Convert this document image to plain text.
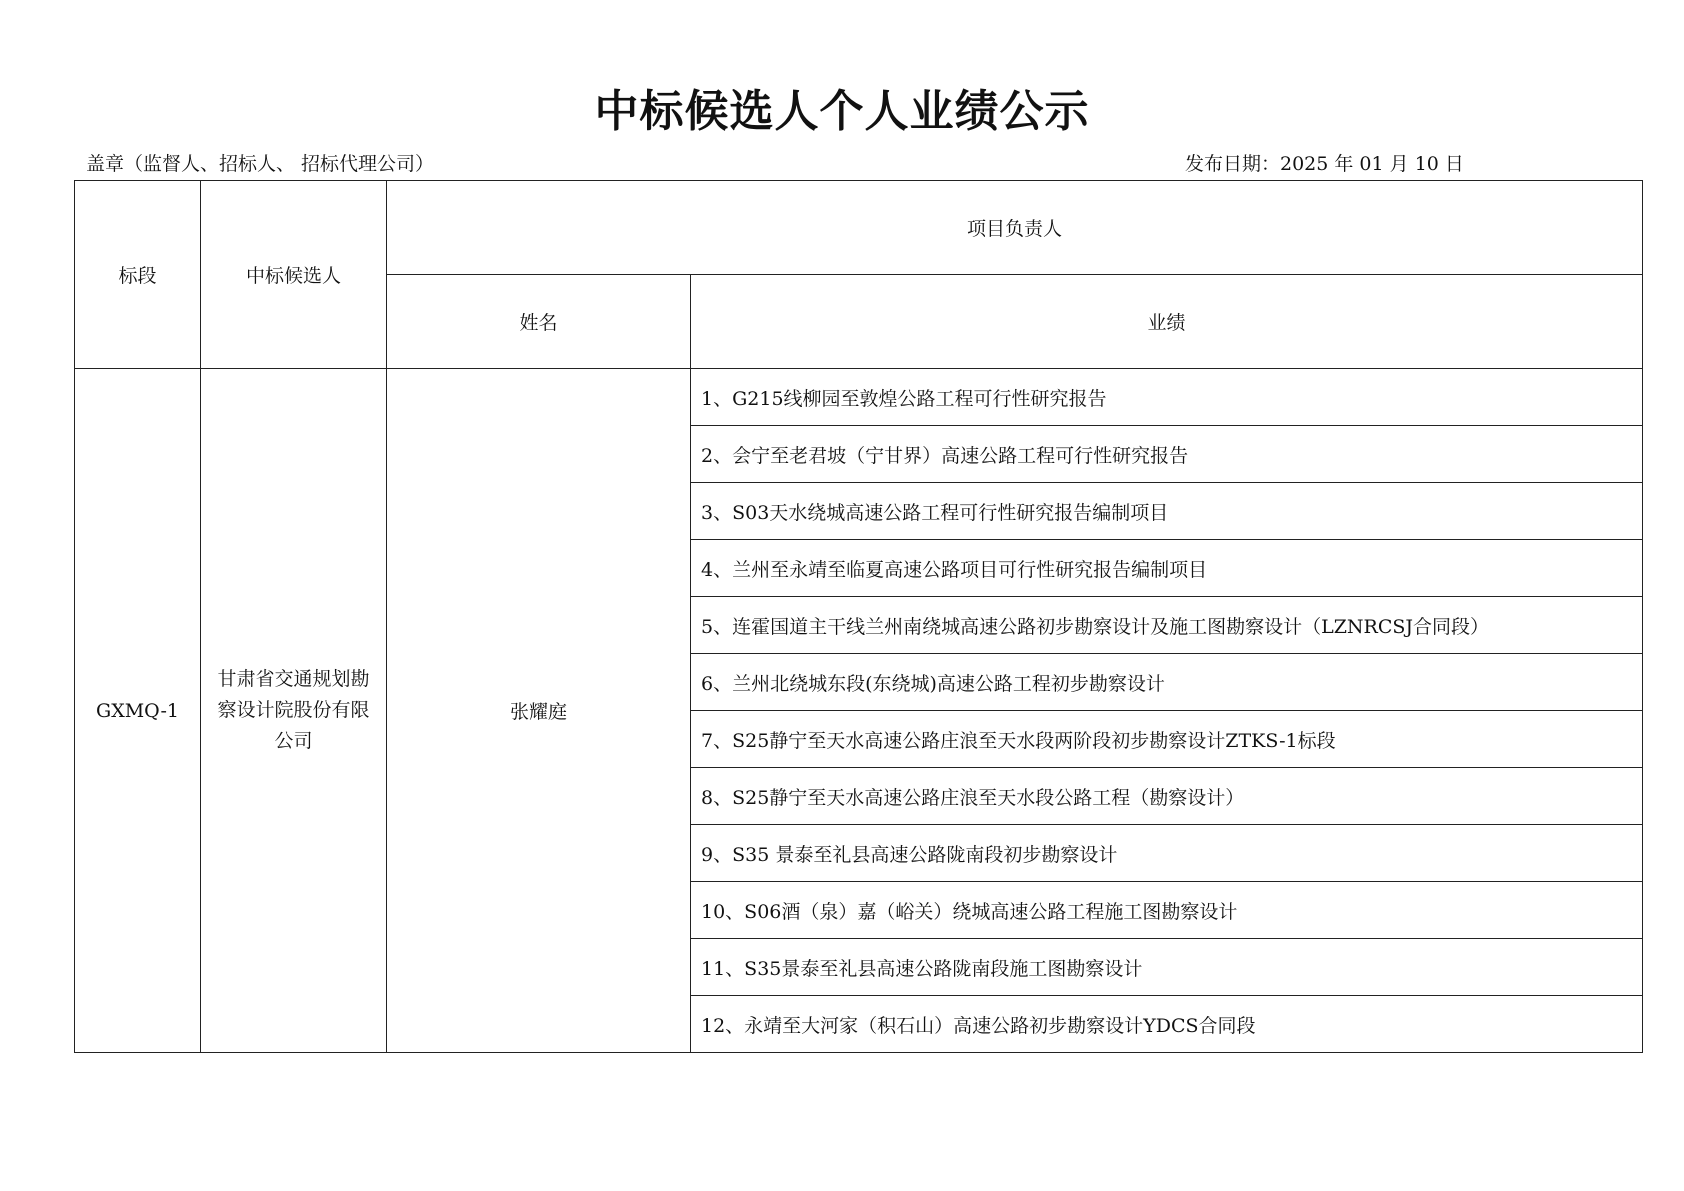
中标候选人个人业绩公示
盖章（监督人、招标人、 招标代理公司）	发布日期：2025 年 01 月 10 日
标段	中标候选人	项目负责人	
		姓名	业绩
GXMQ-1	甘肃省交通规划勘察设计院股份有限公司	张耀庭	1、G215线柳园至敦煌公路工程可行性研究报告
			2、会宁至老君坡（宁甘界）高速公路工程可行性研究报告
			3、S03天水绕城高速公路工程可行性研究报告编制项目
			4、兰州至永靖至临夏高速公路项目可行性研究报告编制项目
			5、连霍国道主干线兰州南绕城高速公路初步勘察设计及施工图勘察设计（LZNRCSJ合同段）
			6、兰州北绕城东段(东绕城)高速公路工程初步勘察设计
			7、S25静宁至天水高速公路庄浪至天水段两阶段初步勘察设计ZTKS-1标段
			8、S25静宁至天水高速公路庄浪至天水段公路工程（勘察设计）
			9、S35 景泰至礼县高速公路陇南段初步勘察设计
			10、S06酒（泉）嘉（峪关）绕城高速公路工程施工图勘察设计
			11、S35景泰至礼县高速公路陇南段施工图勘察设计
			12、永靖至大河家（积石山）高速公路初步勘察设计YDCS合同段
